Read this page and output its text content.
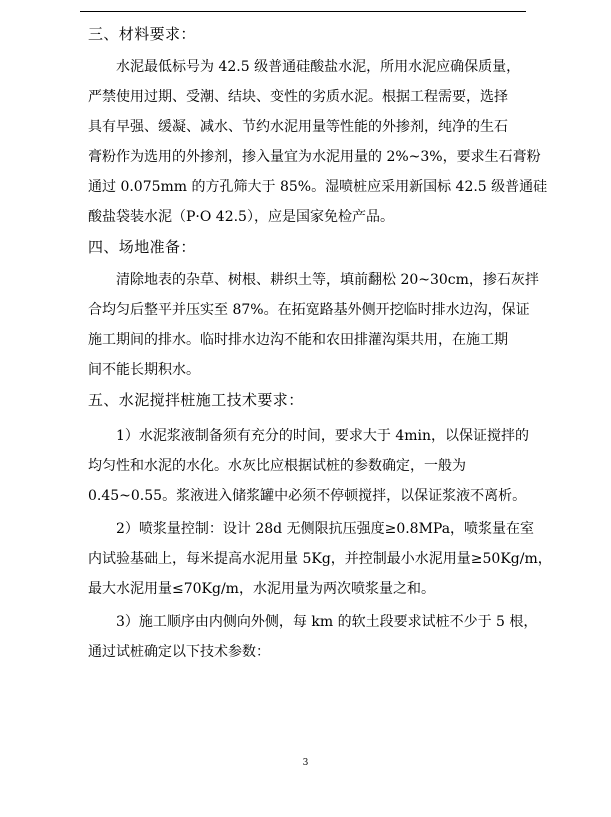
三、材料要求：

水泥最低标号为 42.5 级普通硅酸盐水泥，所用水泥应确保质量，
严禁使用过期、受潮、结块、变性的劣质水泥。根据工程需要，选择
具有早强、缓凝、减水、节约水泥用量等性能的外掺剂，纯净的生石
膏粉作为选用的外掺剂，掺入量宜为水泥用量的 2%~3%，要求生石膏粉
通过 0.075mm 的方孔筛大于 85%。湿喷桩应采用新国标 42.5 级普通硅
酸盐袋装水泥（P·O 42.5），应是国家免检产品。

四、场地准备：

清除地表的杂草、树根、耕织土等，填前翻松 20~30cm，掺石灰拌
合均匀后整平并压实至 87%。在拓宽路基外侧开挖临时排水边沟，保证
施工期间的排水。临时排水边沟不能和农田排灌沟渠共用，在施工期
间不能长期积水。

五、水泥搅拌桩施工技术要求：

1）水泥浆液制备须有充分的时间，要求大于 4min，以保证搅拌的
均匀性和水泥的水化。水灰比应根据试桩的参数确定，一般为
0.45~0.55。浆液进入储浆罐中必须不停顿搅拌，以保证浆液不离析。

2）喷浆量控制：设计 28d 无侧限抗压强度≥0.8MPa，喷浆量在室
内试验基础上，每米提高水泥用量 5Kg，并控制最小水泥用量≥50Kg/m，
最大水泥用量≤70Kg/m，水泥用量为两次喷浆量之和。

3）施工顺序由内侧向外侧，每 km 的软土段要求试桩不少于 5 根，
通过试桩确定以下技术参数：

3
